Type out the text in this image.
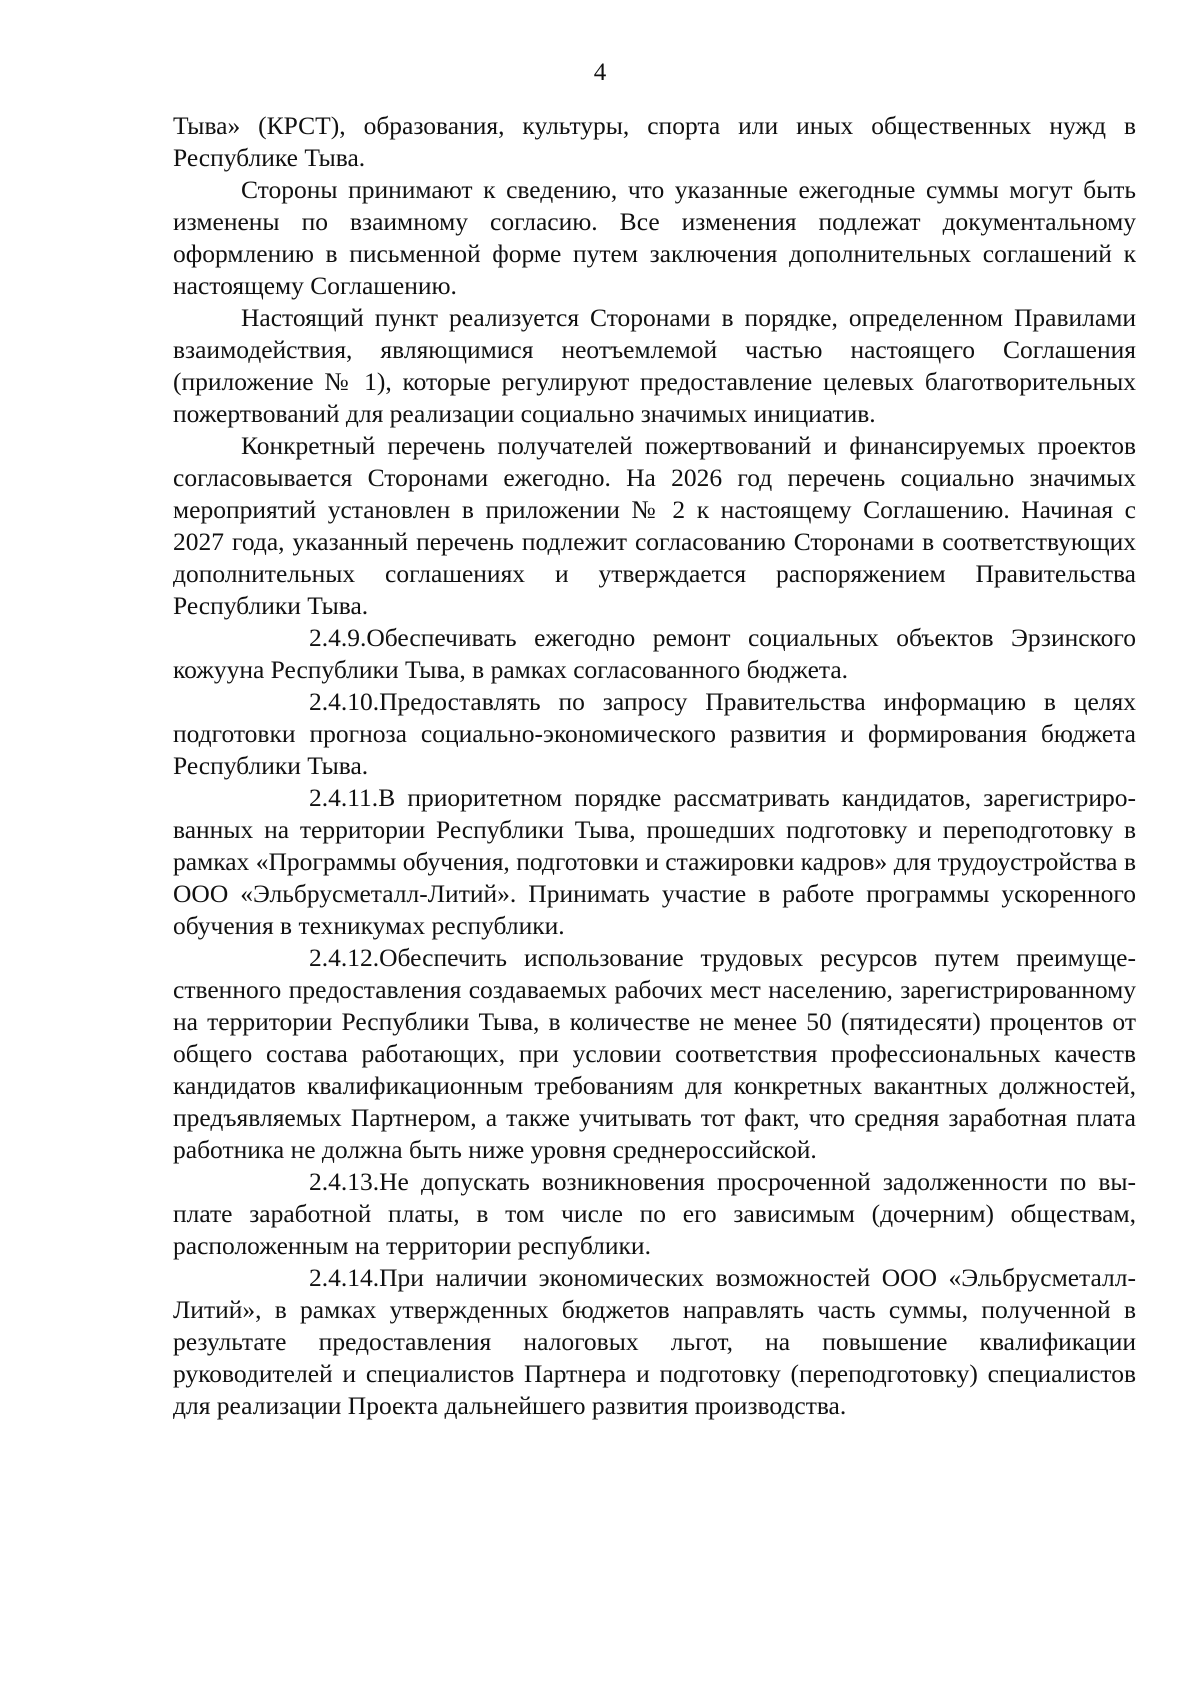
4

Тыва» (КРСТ), образования, культуры, спорта или иных общественных нужд в Республике Тыва.

Стороны принимают к сведению, что указанные ежегодные суммы могут быть изменены по взаимному согласию. Все изменения подлежат документальному оформлению в письменной форме путем заключения дополнительных соглашений к настоящему Соглашению.

Настоящий пункт реализуется Сторонами в порядке, определенном Правилами взаимодействия, являющимися неотъемлемой частью настоящего Соглашения (приложение № 1), которые регулируют предоставление целевых благотворительных пожертвований для реализации социально значимых инициатив.

Конкретный перечень получателей пожертвований и финансируемых проектов согласовывается Сторонами ежегодно. На 2026 год перечень социально значимых мероприятий установлен в приложении № 2 к настоящему Соглашению. Начиная с 2027 года, указанный перечень подлежит согласованию Сторонами в соответствующих дополнительных соглашениях и утверждается распоряжением Правительства Республики Тыва.

2.4.9.Обеспечивать ежегодно ремонт социальных объектов Эрзинского кожууна Республики Тыва, в рамках согласованного бюджета.

2.4.10.Предоставлять по запросу Правительства информацию в целях подготовки прогноза социально-экономического развития и формирования бюджета Республики Тыва.

2.4.11.В приоритетном порядке рассматривать кандидатов, зарегистрированных на территории Республики Тыва, прошедших подготовку и переподготовку в рамках «Программы обучения, подготовки и стажировки кадров» для трудоустройства в ООО «Эльбрусметалл-Литий». Принимать участие в работе программы ускоренного обучения в техникумах республики.

2.4.12.Обеспечить использование трудовых ресурсов путем преимущественного предоставления создаваемых рабочих мест населению, зарегистрированному на территории Республики Тыва, в количестве не менее 50 (пятидесяти) процентов от общего состава работающих, при условии соответствия профессиональных качеств кандидатов квалификационным требованиям для конкретных вакантных должностей, предъявляемых Партнером, а также учитывать тот факт, что средняя заработная плата работника не должна быть ниже уровня среднероссийской.

2.4.13.Не допускать возникновения просроченной задолженности по выплате заработной платы, в том числе по его зависимым (дочерним) обществам, расположенным на территории республики.

2.4.14.При наличии экономических возможностей ООО «Эльбрусметалл-Литий», в рамках утвержденных бюджетов направлять часть суммы, полученной в результате предоставления налоговых льгот, на повышение квалификации руководителей и специалистов Партнера и подготовку (переподготовку) специалистов для реализации Проекта дальнейшего развития производства.
